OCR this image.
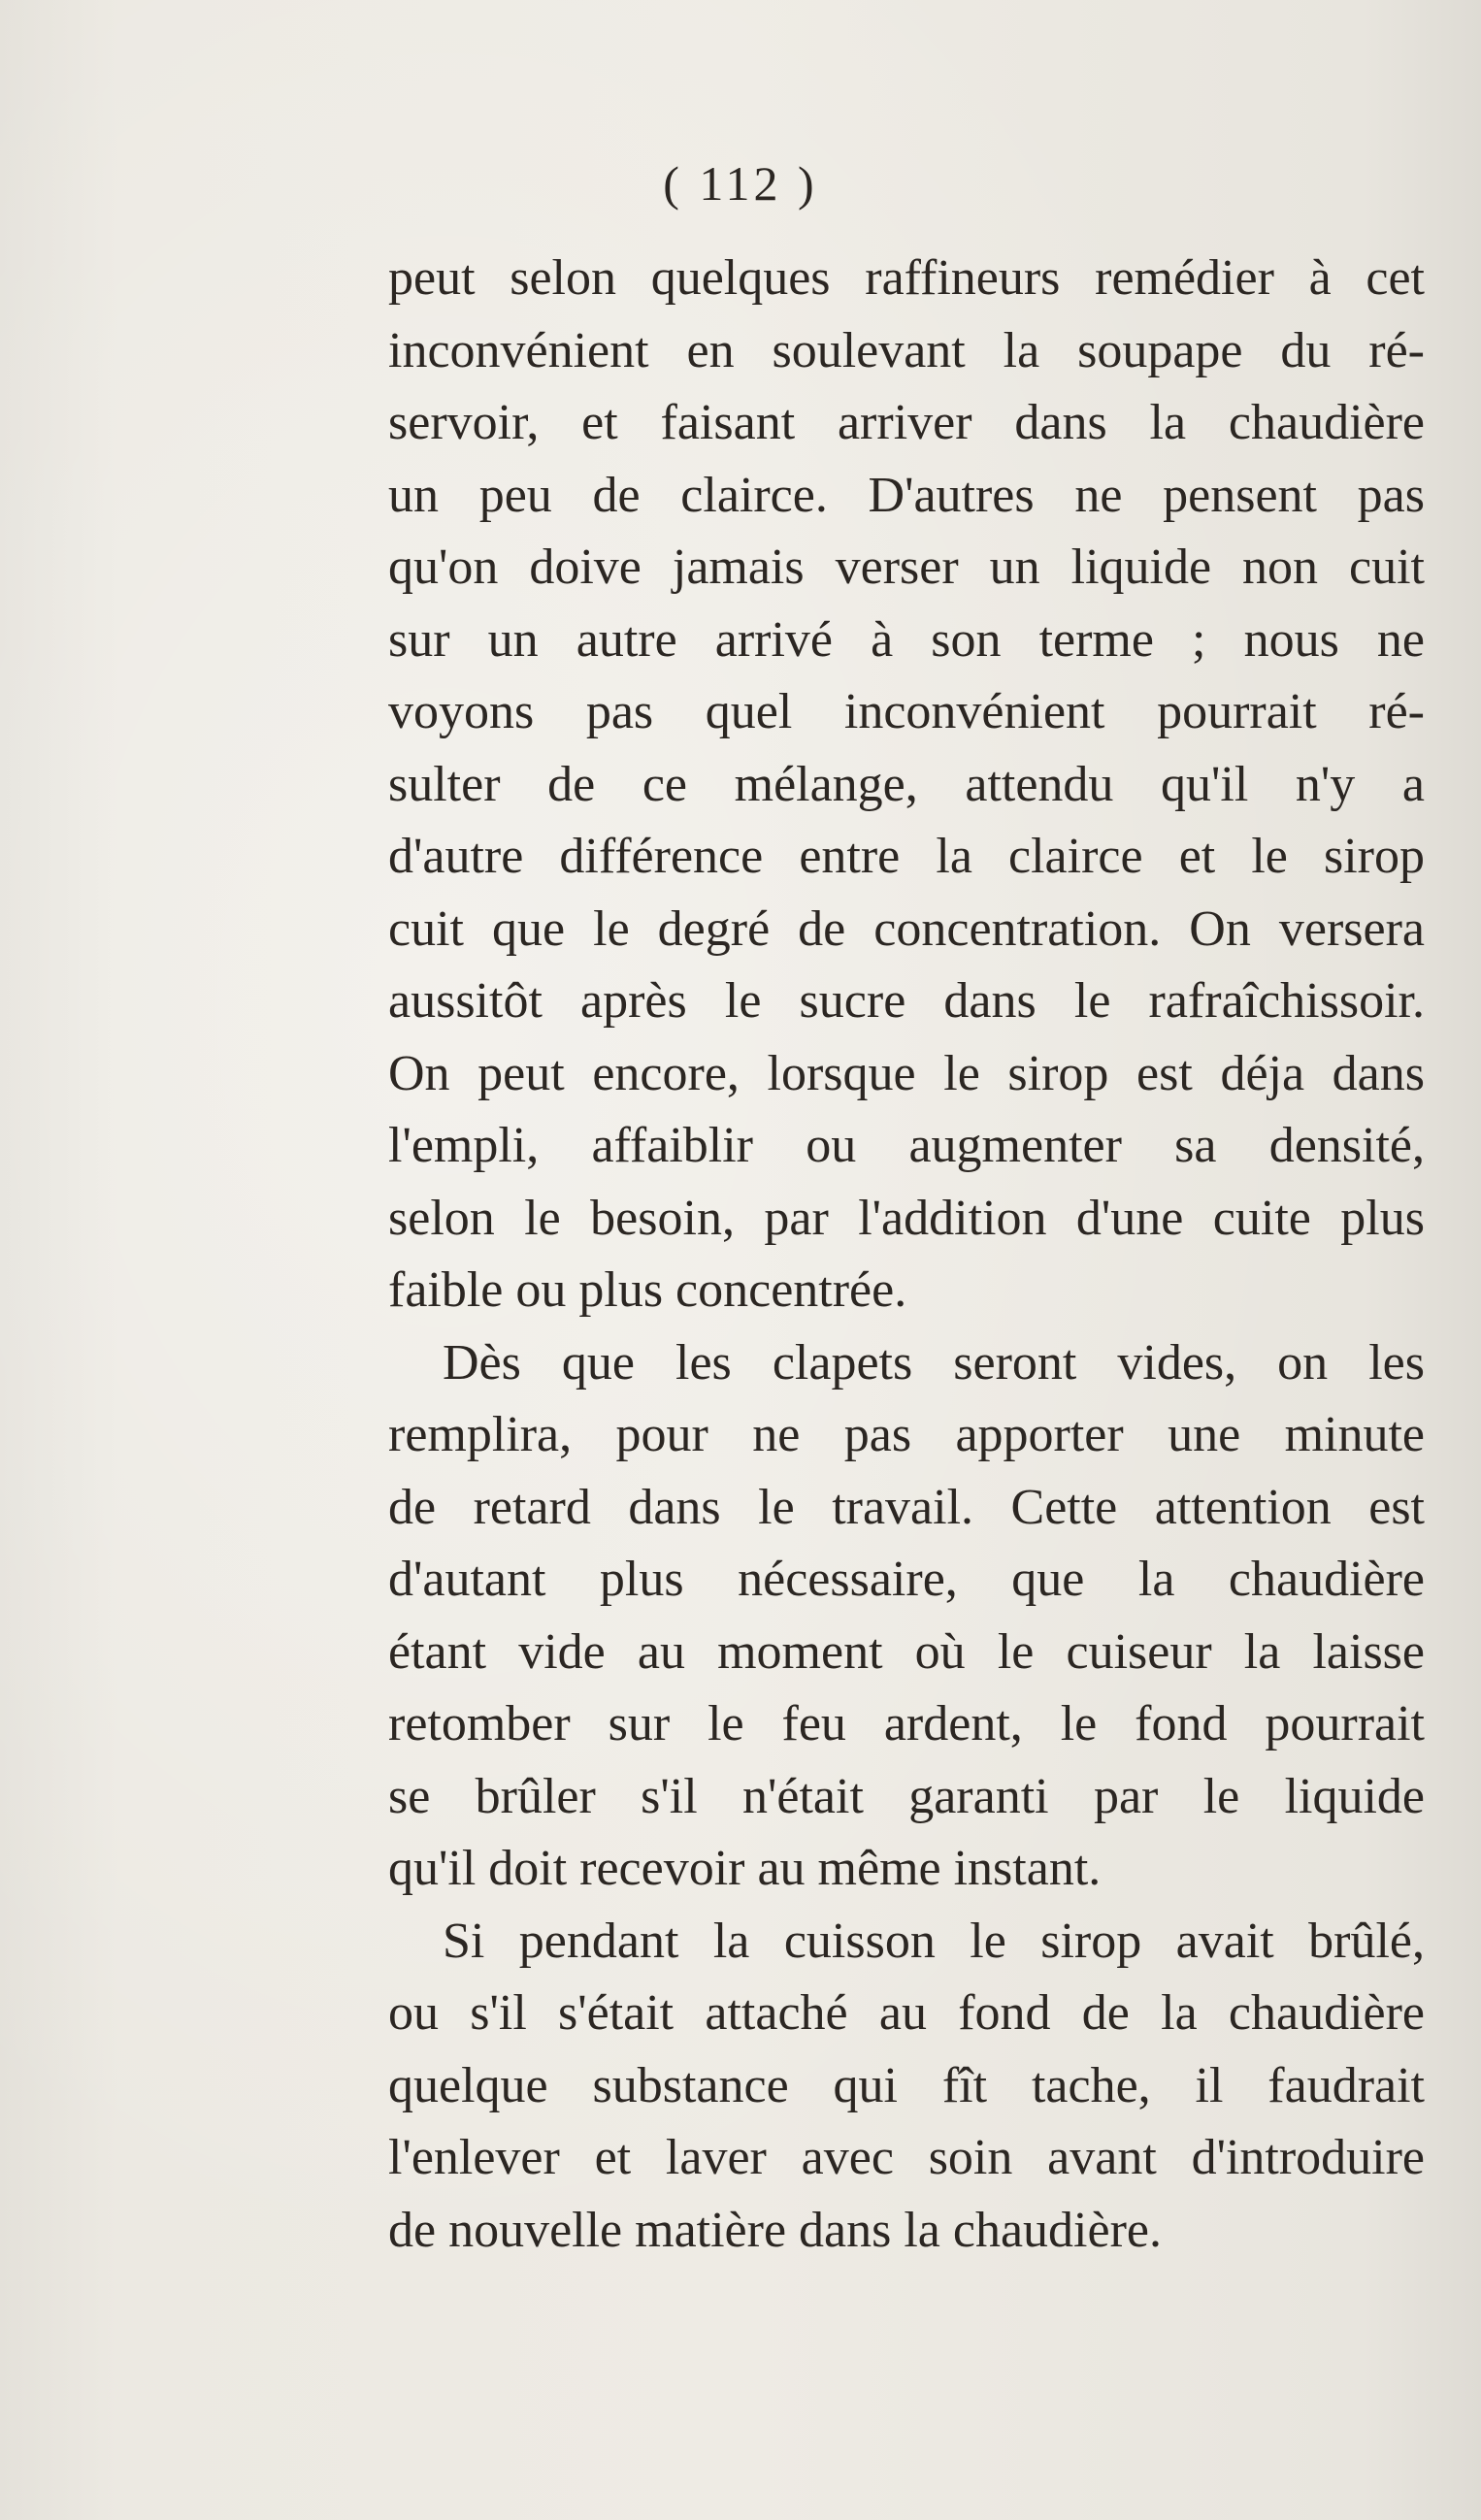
( 112 )

peut selon quelques raffineurs remédier à cet
inconvénient en soulevant la soupape du ré-
servoir, et faisant arriver dans la chaudière
un peu de clairce. D'autres ne pensent pas
qu'on doive jamais verser un liquide non cuit
sur un autre arrivé à son terme ; nous ne
voyons pas quel inconvénient pourrait ré-
sulter de ce mélange, attendu qu'il n'y a
d'autre différence entre la clairce et le sirop
cuit que le degré de concentration. On versera
aussitôt après le sucre dans le rafraîchissoir.
On peut encore, lorsque le sirop est déja dans
l'empli, affaiblir ou augmenter sa densité,
selon le besoin, par l'addition d'une cuite plus
faible ou plus concentrée.

Dès que les clapets seront vides, on les
remplira, pour ne pas apporter une minute
de retard dans le travail. Cette attention est
d'autant plus nécessaire, que la chaudière
étant vide au moment où le cuiseur la laisse
retomber sur le feu ardent, le fond pourrait
se brûler s'il n'était garanti par le liquide
qu'il doit recevoir au même instant.

Si pendant la cuisson le sirop avait brûlé,
ou s'il s'était attaché au fond de la chaudière
quelque substance qui fît tache, il faudrait
l'enlever et laver avec soin avant d'introduire
de nouvelle matière dans la chaudière.
